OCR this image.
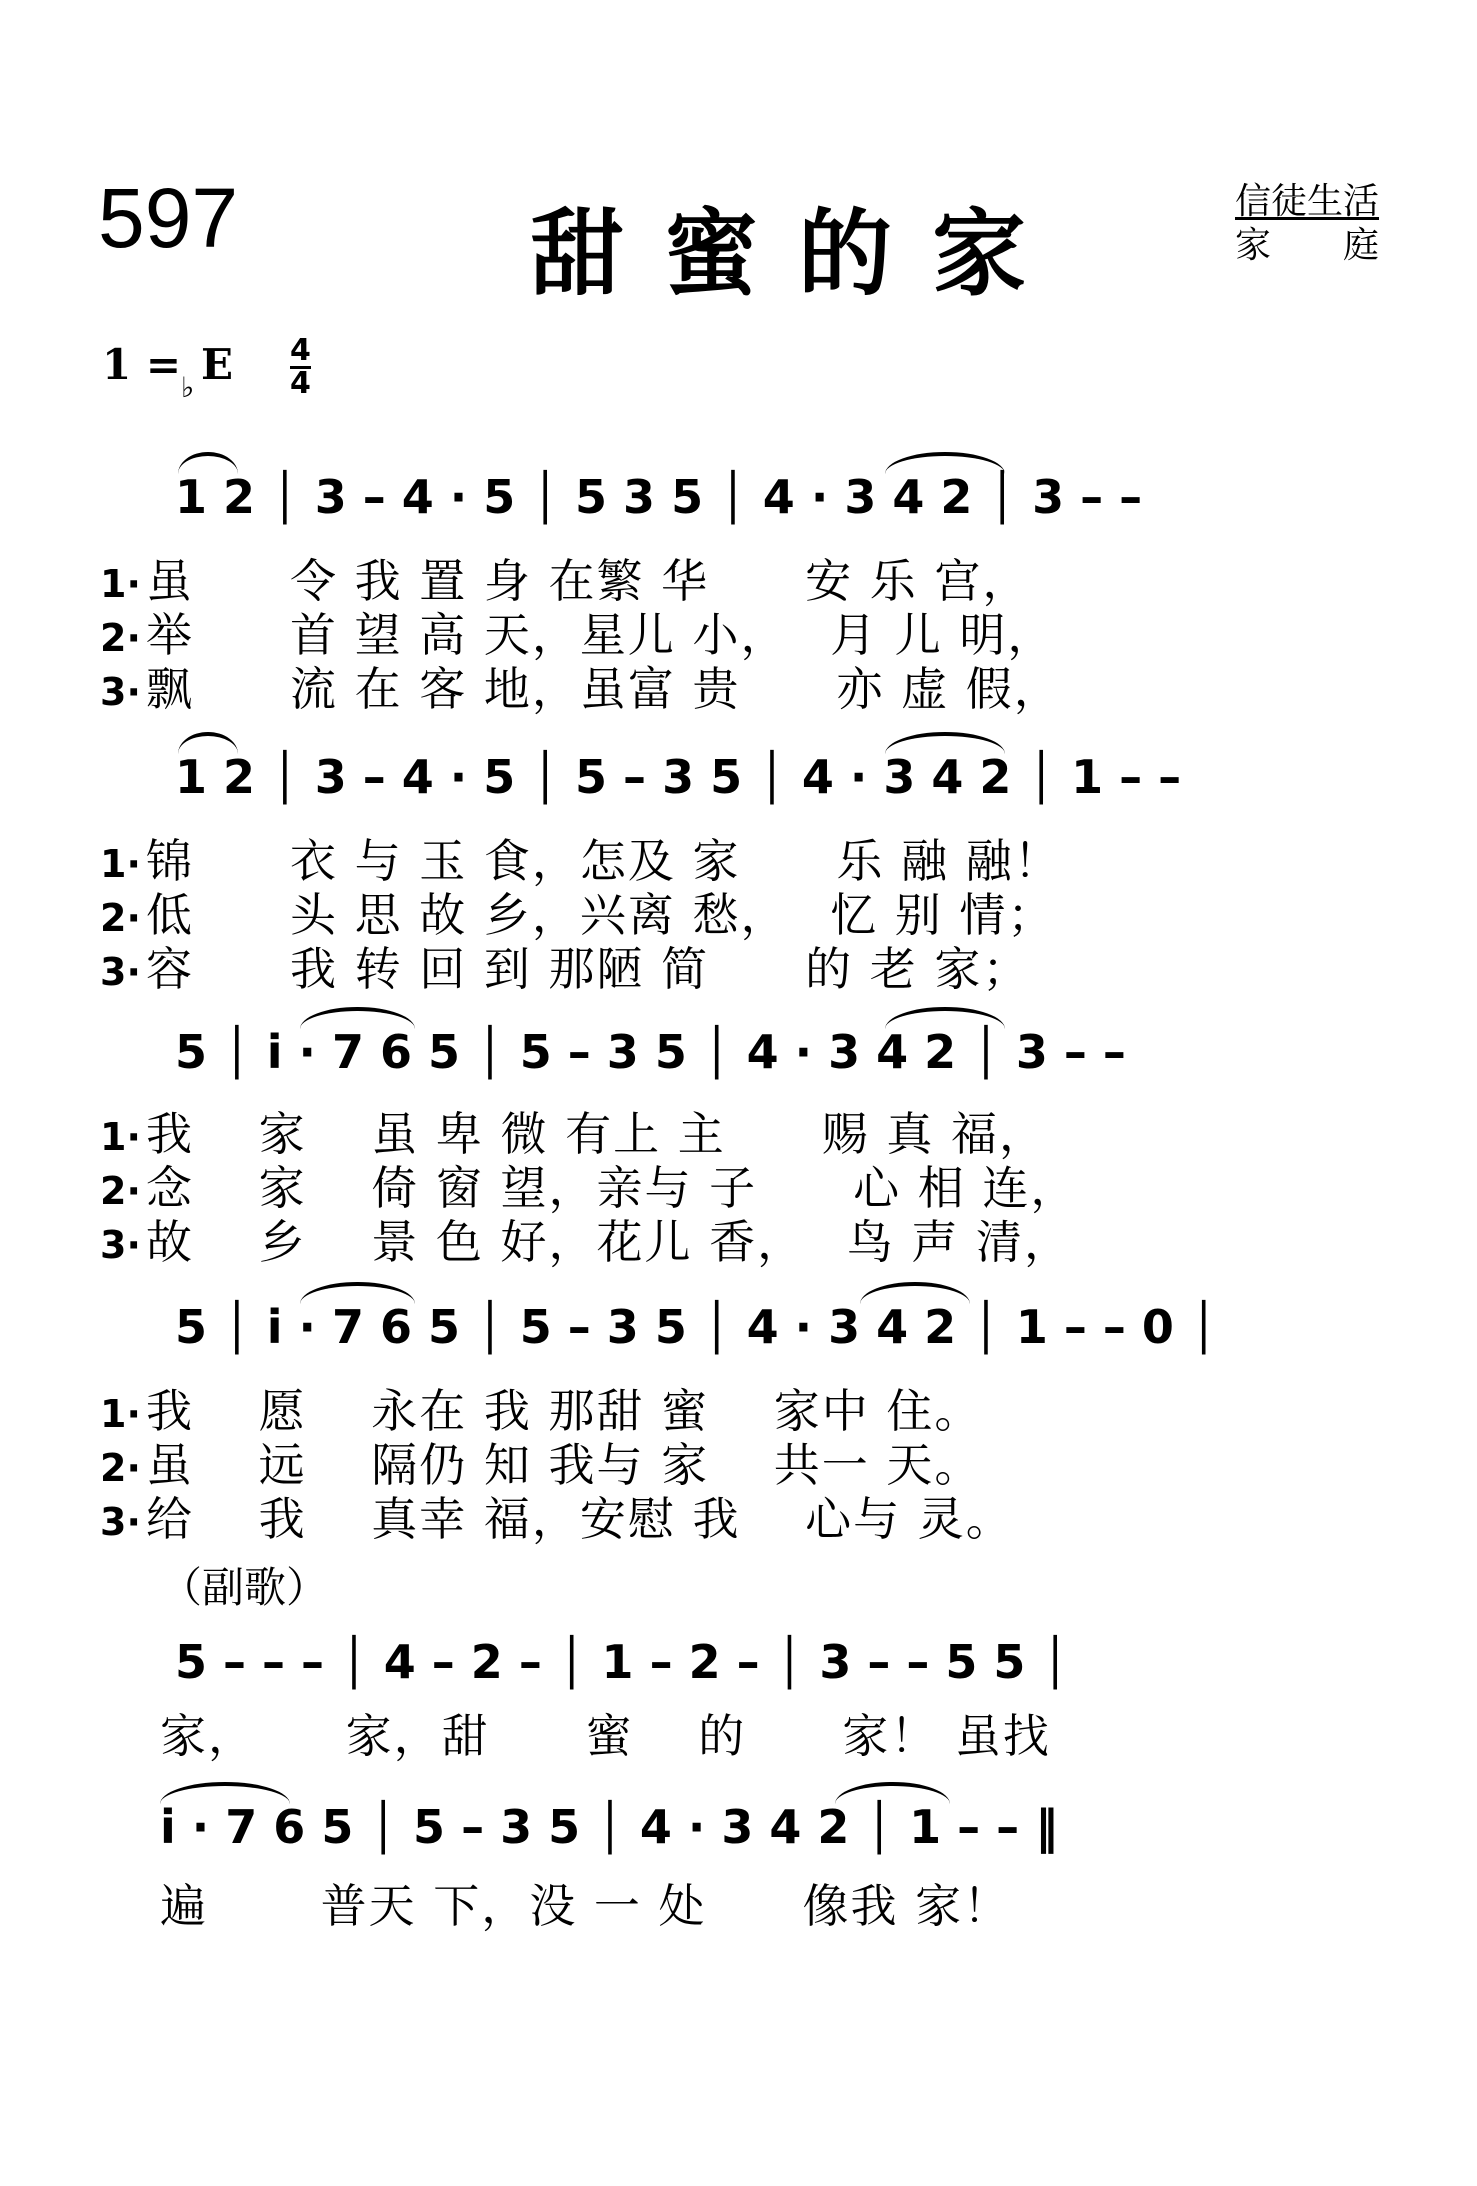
597	甜蜜的家	信徒生活
家　　庭
1 = ♭ E 4
4
1 2 │ 3 – 4 · 5 │ 5 3 5 │ 4 · 3 4 2 │ 3 – –
1· 虽　　令 我 置 身 在繁 华　　安 乐 宫，
2· 举　　首 望 高 天，星儿 小，　 月 儿 明，
3· 飘　　流 在 客 地，虽富 贵　　亦 虚 假，
1 2 │ 3 – 4 · 5 │ 5 – 3 5 │ 4 · 3 4 2 │ 1 – –
1· 锦　　衣 与 玉 食，怎及 家　　乐 融 融！
2· 低　　头 思 故 乡，兴离 愁，　 忆 别 情；
3· 容　　我 转 回 到 那陋 简　　的 老 家；
5 │ i · 7 6 5 │ 5 – 3 5 │ 4 · 3 4 2 │ 3 – –
1· 我　 家　 虽 卑 微 有上 主　　赐 真 福，
2· 念　 家　 倚 窗 望，亲与 子　　心 相 连，
3· 故　 乡　 景 色 好，花儿 香，　 鸟 声 清，
5 │ i · 7 6 5 │ 5 – 3 5 │ 4 · 3 4 2 │ 1 – – 0 │
1· 我　 愿　 永在 我 那甜 蜜　 家中 住。
2· 虽　 远　 隔仍 知 我与 家　 共一 天。
3· 给　 我　 真幸 福，安慰 我　 心与 灵。
（副歌）
5 – – – │ 4 – 2 – │ 1 – 2 – │ 3 – – 5 5 │
家，　　 家，甜　　蜜　 的　　家！ 虽找
i · 7 6 5 │ 5 – 3 5 │ 4 · 3 4 2 │ 1 – – ‖
遍　　 普天 下，没 一 处　　像我 家！
